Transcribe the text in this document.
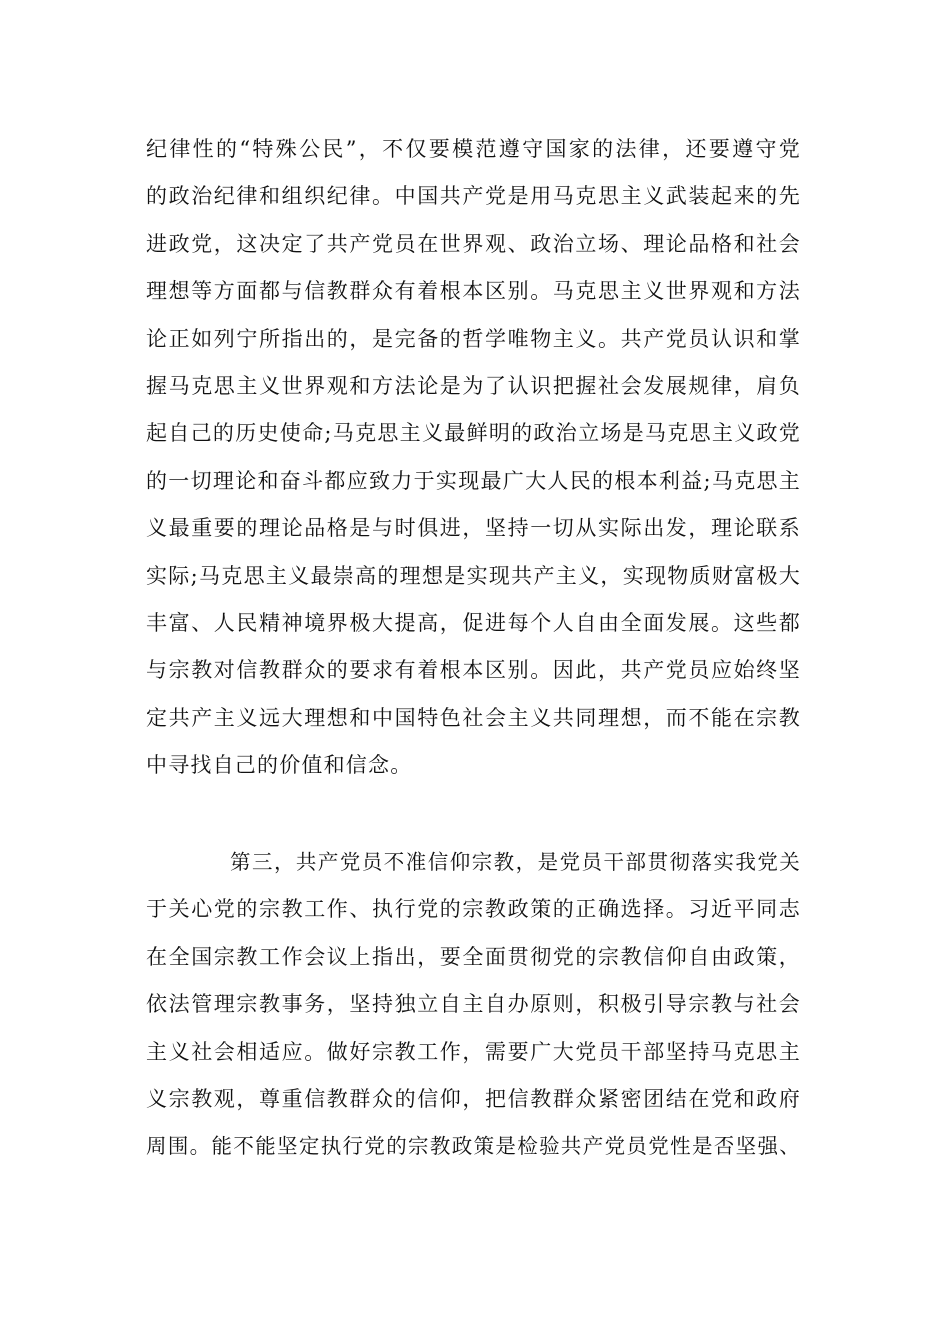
纪律性的“特殊公民”，不仅要模范遵守国家的法律，还要遵守党
的政治纪律和组织纪律。中国共产党是用马克思主义武装起来的先
进政党，这决定了共产党员在世界观、政治立场、理论品格和社会
理想等方面都与信教群众有着根本区别。马克思主义世界观和方法
论正如列宁所指出的，是完备的哲学唯物主义。共产党员认识和掌
握马克思主义世界观和方法论是为了认识把握社会发展规律，肩负
起自己的历史使命;马克思主义最鲜明的政治立场是马克思主义政党
的一切理论和奋斗都应致力于实现最广大人民的根本利益;马克思主
义最重要的理论品格是与时俱进，坚持一切从实际出发，理论联系
实际;马克思主义最崇高的理想是实现共产主义，实现物质财富极大
丰富、人民精神境界极大提高，促进每个人自由全面发展。这些都
与宗教对信教群众的要求有着根本区别。因此，共产党员应始终坚
定共产主义远大理想和中国特色社会主义共同理想，而不能在宗教
中寻找自己的价值和信念。
第三，共产党员不准信仰宗教，是党员干部贯彻落实我党关
于关心党的宗教工作、执行党的宗教政策的正确选择。习近平同志
在全国宗教工作会议上指出，要全面贯彻党的宗教信仰自由政策，
依法管理宗教事务，坚持独立自主自办原则，积极引导宗教与社会
主义社会相适应。做好宗教工作，需要广大党员干部坚持马克思主
义宗教观，尊重信教群众的信仰，把信教群众紧密团结在党和政府
周围。能不能坚定执行党的宗教政策是检验共产党员党性是否坚强、
